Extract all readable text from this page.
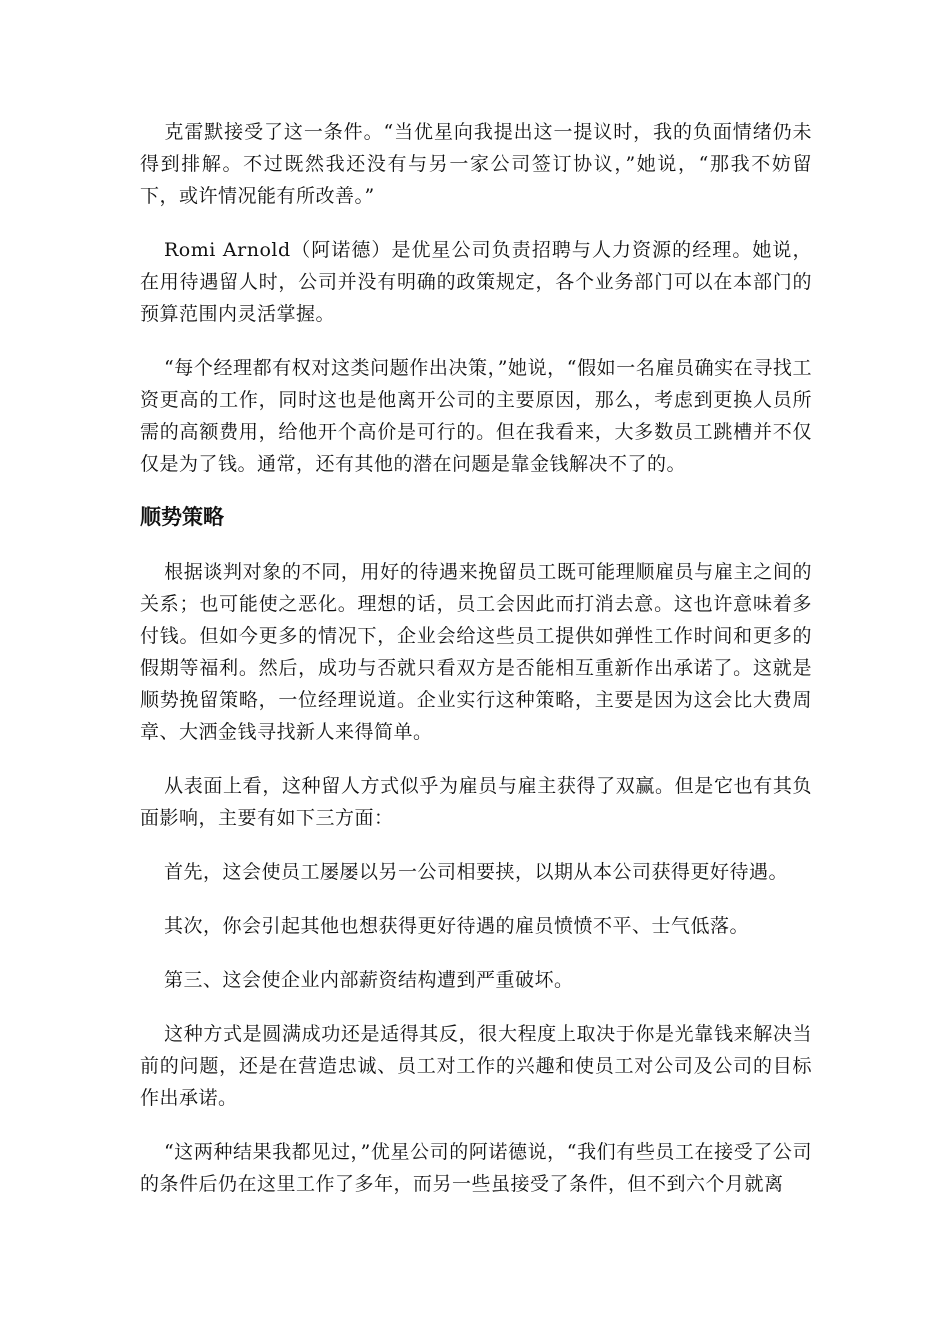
克雷默接受了这一条件。“当优星向我提出这一提议时，我的负面情绪仍未得到排解。不过既然我还没有与另一家公司签订协议，”她说，“那我不妨留下，或许情况能有所改善。”

Romi Arnold（阿诺德）是优星公司负责招聘与人力资源的经理。她说，在用待遇留人时，公司并没有明确的政策规定，各个业务部门可以在本部门的预算范围内灵活掌握。

“每个经理都有权对这类问题作出决策，”她说，“假如一名雇员确实在寻找工资更高的工作，同时这也是他离开公司的主要原因，那么，考虑到更换人员所需的高额费用，给他开个高价是可行的。但在我看来，大多数员工跳槽并不仅仅是为了钱。通常，还有其他的潜在问题是靠金钱解决不了的。

顺势策略

根据谈判对象的不同，用好的待遇来挽留员工既可能理顺雇员与雇主之间的关系；也可能使之恶化。理想的话，员工会因此而打消去意。这也许意味着多付钱。但如今更多的情况下，企业会给这些员工提供如弹性工作时间和更多的假期等福利。然后，成功与否就只看双方是否能相互重新作出承诺了。这就是顺势挽留策略，一位经理说道。企业实行这种策略，主要是因为这会比大费周章、大洒金钱寻找新人来得简单。

从表面上看，这种留人方式似乎为雇员与雇主获得了双赢。但是它也有其负面影响，主要有如下三方面：

首先，这会使员工屡屡以另一公司相要挟，以期从本公司获得更好待遇。

其次，你会引起其他也想获得更好待遇的雇员愤愤不平、士气低落。

第三、这会使企业内部薪资结构遭到严重破坏。

这种方式是圆满成功还是适得其反，很大程度上取决于你是光靠钱来解决当前的问题，还是在营造忠诚、员工对工作的兴趣和使员工对公司及公司的目标作出承诺。

“这两种结果我都见过，”优星公司的阿诺德说，“我们有些员工在接受了公司的条件后仍在这里工作了多年，而另一些虽接受了条件，但不到六个月就离
